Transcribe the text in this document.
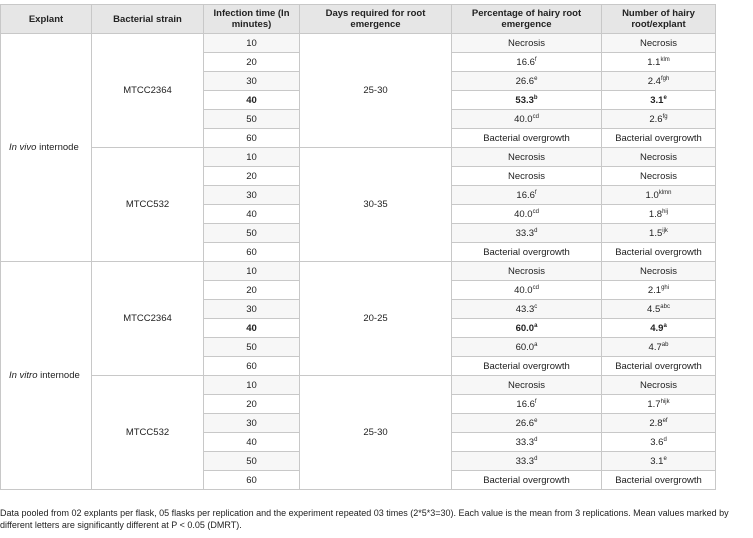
Explant	Bacterial strain	Infection time (In minutes)	Days required for root emergence	Percentage of hairy root emergence	Number of hairy root/explant
In vivo internode	MTCC2364	10	25-30	Necrosis	Necrosis
		20		16.6$^f$	$1.1^{klm}$
		30		26.6e	2.4$^{fgh}$
		40		53.3$^b$	3.1e
		50		40.0$^{cd}$	2.6$^{fg}$
		60		Bacterial overgrowth	Bacterial overgrowth
	MTCC532	10	30-35	Necrosis	Necrosis
		20		Necrosis	Necrosis
		30		16.6$^f$	$1.0^{klmn}$
		40		40.0$^{cd}$	$1.8^{hij}$
		50		33.3$^d$	$1.5^{ijk}$
		60		Bacterial overgrowth	Bacterial overgrowth
In vitro internode	MTCC2364	10	20-25	Necrosis	Necrosis
		20		40.0$^{cd}$	$2.1^{ghi}$
		30		43.3$^c$	4.5$^{abc}$
		40		60.0$^a$	4.9$^a$
		50		60.0$^a$	4.7$^{ab}$
		60		Bacterial overgrowth	Bacterial overgrowth
	MTCC532	10	25-30	Necrosis	Necrosis
		20		16.6$^f$	$1.7^{hijk}$
		30		26.6e	2.8$^{ef}$
		40		33.3$^d$	3.6$^d$
		50		33.3$^d$	3.1e
		60		Bacterial overgrowth	Bacterial overgrowth
Data pooled from 02 explants per flask, 05 flasks per replication and the experiment repeated 03 times (2*5*3=30). Each value is the mean from 3 replications. Mean values marked by different letters are significantly different at P < 0.05 (DMRT).
